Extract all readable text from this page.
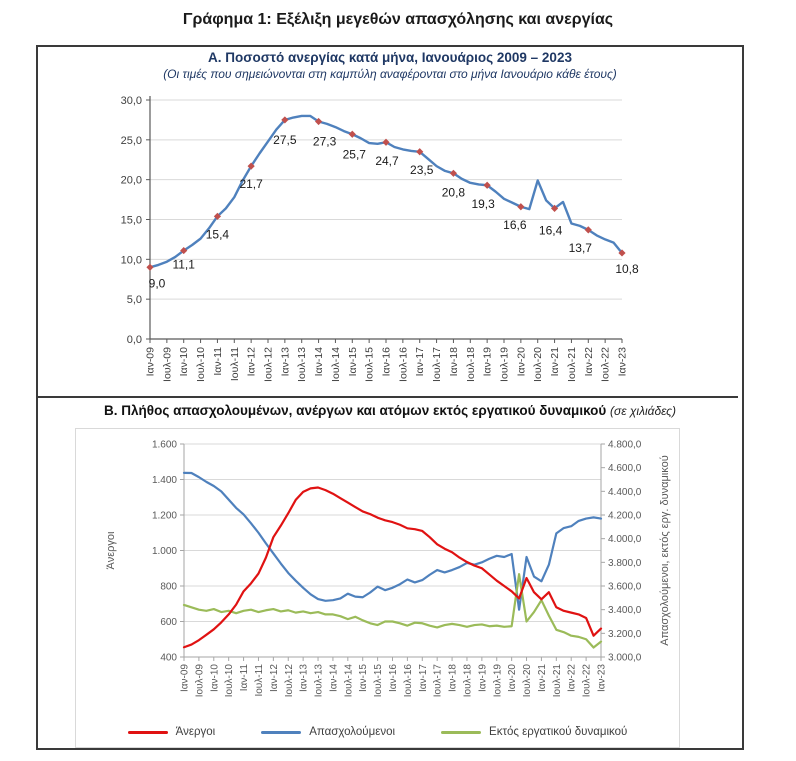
Γράφημα 1: Εξέλιξη μεγεθών απασχόλησης και ανεργίας
Α. Ποσοστό ανεργίας κατά μήνα, Ιανουάριος 2009 – 2023
(Οι τιμές που σημειώνονται στη καμπύλη αναφέρονται στο μήνα Ιανουάριο κάθε έτους)
0,0
5,0
10,0
15,0
20,0
25,0
30,0
Ιαν-09 Ιουλ-09 Ιαν-10 Ιουλ-10 Ιαν-11 Ιουλ-11 Ιαν-12 Ιουλ-12 Ιαν-13 Ιουλ-13 Ιαν-14 Ιουλ-14 Ιαν-15 Ιουλ-15 Ιαν-16 Ιουλ-16 Ιαν-17 Ιουλ-17 Ιαν-18 Ιουλ-18 Ιαν-19 Ιουλ-19 Ιαν-20 Ιουλ-20 Ιαν-21 Ιουλ-21 Ιαν-22 Ιουλ-22 Ιαν-23
9,0
11,1
15,4
21,7
27,5 27,3
25,7 24,7
23,5
20,8
19,3
16,6 16,4
13,7
10,8
Β. Πλήθος απασχολουμένων, ανέργων και ατόμων εκτός εργατικού δυναμικού (σε χιλιάδες)
400
600
800
1.000
1.200
1.400
1.600
3.000,0
3.200,0
3.400,0
3.600,0
3.800,0
4.000,0
4.200,0
4.400,0
4.600,0
4.800,0
Ιαν-09 Ιουλ-09 Ιαν-10 Ιουλ-10 Ιαν-11 Ιουλ-11 Ιαν-12 Ιουλ-12 Ιαν-13 Ιουλ-13 Ιαν-14 Ιουλ-14 Ιαν-15 Ιουλ-15 Ιαν-16 Ιουλ-16 Ιαν-17 Ιουλ-17 Ιαν-18 Ιουλ-18 Ιαν-19 Ιουλ-19 Ιαν-20 Ιουλ-20 Ιαν-21 Ιουλ-21 Ιαν-22 Ιουλ-22 Ιαν-23
Άνεργοι	Απασχολούμενοι, εκτός εργ. δυναμικού
Άνεργοι	Απασχολούμενοι	Εκτός εργατικού δυναμικού
